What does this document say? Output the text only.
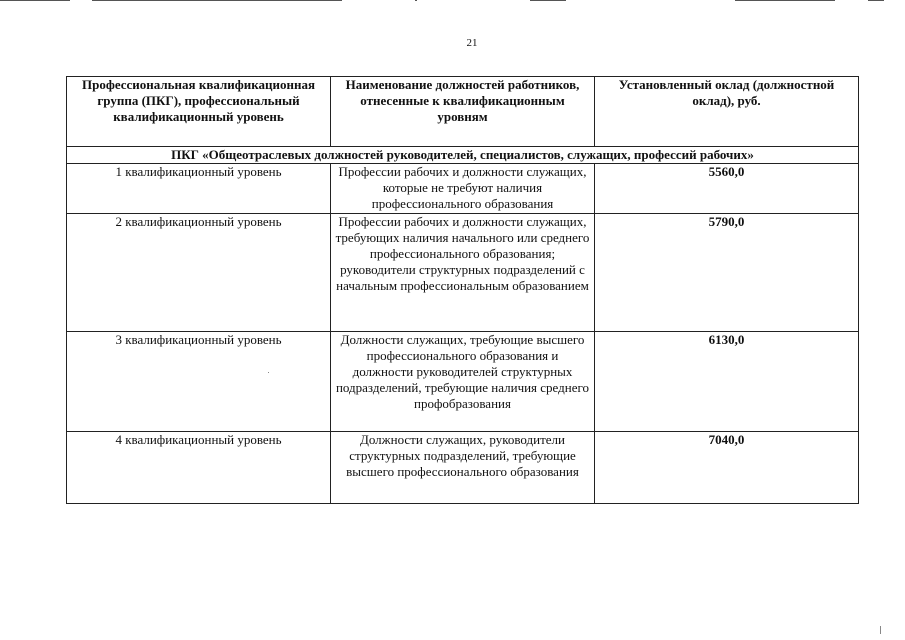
21
Профессиональная квалификационная группа (ПКГ), профессиональный квалификационный уровень	Наименование должностей работников, отнесенные к квалификационным уровням	Установленный оклад (должностной оклад), руб.
ПКГ «Общеотраслевых должностей руководителей, специалистов, служащих, профессий рабочих»		
1 квалификационный уровень	Профессии рабочих и должности служащих, которые не требуют наличия профессионального образования	5560,0
2 квалификационный уровень	Профессии рабочих и должности служащих, требующих наличия начального или среднего профессионального образования; руководители структурных подразделений с начальным профессиональным образованием	5790,0
3 квалификационный уровень	Должности служащих, требующие высшего профессионального образования и должности руководителей структурных подразделений, требующие наличия среднего профобразования	6130,0
4 квалификационный уровень	Должности служащих, руководители структурных подразделений, требующие высшего профессионального образования	7040,0
